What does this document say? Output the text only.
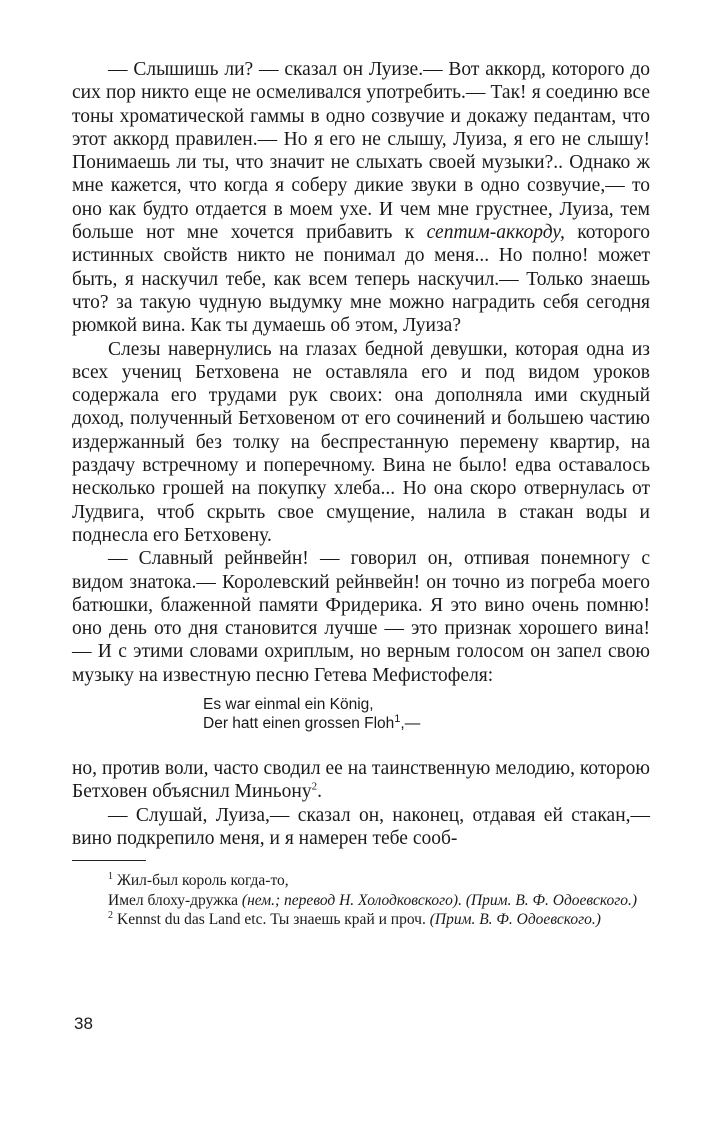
— Слышишь ли? — сказал он Луизе.— Вот аккорд, которого до сих пор никто еще не осмеливался употребить.— Так! я соединю все тоны хроматической гаммы в одно созвучие и докажу педантам, что этот аккорд правилен.— Но я его не слышу, Луиза, я его не слышу! Понимаешь ли ты, что значит не слыхать своей музыки?.. Однако ж мне кажется, что когда я соберу дикие звуки в одно созвучие,— то оно как будто отдается в моем ухе. И чем мне грустнее, Луиза, тем больше нот мне хочется прибавить к септим-аккорду, которого истинных свойств никто не понимал до меня... Но полно! может быть, я наскучил тебе, как всем теперь наскучил.— Только знаешь что? за такую чудную выдумку мне можно наградить себя сегодня рюмкой вина. Как ты думаешь об этом, Луиза?

Слезы навернулись на глазах бедной девушки, которая одна из всех учениц Бетховена не оставляла его и под видом уроков содержала его трудами рук своих: она дополняла ими скудный доход, полученный Бетховеном от его сочинений и большею частию издержанный без толку на беспрестанную перемену квартир, на раздачу встречному и поперечному. Вина не было! едва оставалось несколько грошей на покупку хлеба... Но она скоро отвернулась от Лудвига, чтоб скрыть свое смущение, налила в стакан воды и поднесла его Бетховену.

— Славный рейнвейн! — говорил он, отпивая понемногу с видом знатока.— Королевский рейнвейн! он точно из погреба моего батюшки, блаженной памяти Фридерика. Я это вино очень помню! оно день ото дня становится лучше — это признак хорошего вина! — И с этими словами охриплым, но верным голосом он запел свою музыку на известную песню Гетева Мефистофеля:

Es war einmal ein König,
Der hatt einen grossen Floh$^1$,—

но, против воли, часто сводил ее на таинственную мелодию, которою Бетховен объяснил Миньону$^2$.

— Слушай, Луиза,— сказал он, наконец, отдавая ей стакан,— вино подкрепило меня, и я намерен тебе сооб-

$^1$ Жил-был король когда-то,
Имел блоху-дружка (нем.; перевод Н. Холодковского). (Прим. В. Ф. Одоевского.)

$^2$ Kennst du das Land etc. Ты знаешь край и проч. (Прим. В. Ф. Одоевского.)

38
